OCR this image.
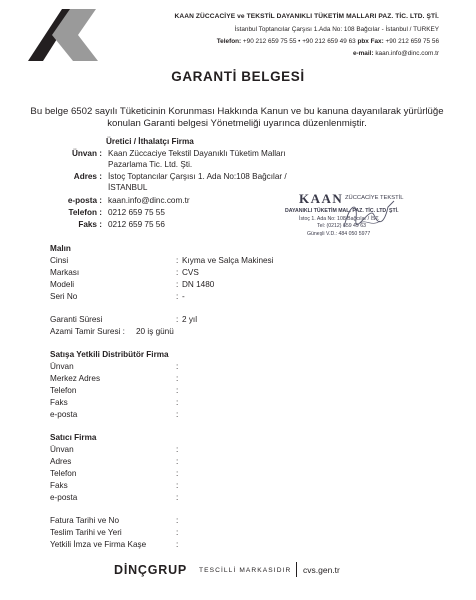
KAAN ZÜCCACİYE ve TEKSTİL DAYANIKLI TÜKETİM MALLARI PAZ. TİC. LTD. ŞTİ.
İstanbul Toptancılar Çarşısı 1.Ada No: 108 Bağcılar - İstanbul / TURKEY
Telefon: +90 212 659 75 55 • +90 212 659 49 63 pbx Fax: +90 212 659 75 56
e-mail: kaan.info@dinc.com.tr
GARANTİ BELGESİ
Bu belge 6502 sayılı Tüketicinin Korunması Hakkında Kanun ve bu kanuna dayanılarak yürürlüğe konulan Garanti belgesi Yönetmeliği uyarınca düzenlenmiştir.
Üretici / İthalatçı Firma
Ünvan : Kaan Züccaciye Tekstil Dayanıklı Tüketim Malları Pazarlama Tic. Ltd. Şti.
Adres : İstoç Toptancılar Çarşısı 1. Ada No:108 Bağcılar / İSTANBUL
e-posta : kaan.info@dinc.com.tr
Telefon : 0212 659 75 55
Faks : 0212 659 75 56
KAAN ZÜCCACİYE TEKSTİL
DAYANIKLI TÜKETİM MAL. PAZ. TİC. LTD. ŞTİ.
İstoç 1. Ada No: 108 Bağcılar / İST.
Tel: (0212) 659 49 63
Güneşli V.D.: 484 050 5977
Malın
Cinsi	: Kıyma ve Salça Makinesi
Markası	: CVS
Modeli	: DN 1480
Seri No	: -
Garanti Süresi	: 2 yıl
Azami Tamir Suresi : 20 iş günü
Satışa Yetkili Distribütör Firma
Ünvan	:
Merkez Adres	:
Telefon	:
Faks	:
e-posta	:
Satıcı Firma
Ünvan	:
Adres	:
Telefon	:
Faks	:
e-posta	:
Fatura Tarihi ve No	:
Teslim Tarihi ve Yeri	:
Yetkili İmza ve Firma Kaşe	:
DİNÇGRUP TESCİLLİ MARKASIDIR cvs.gen.tr
